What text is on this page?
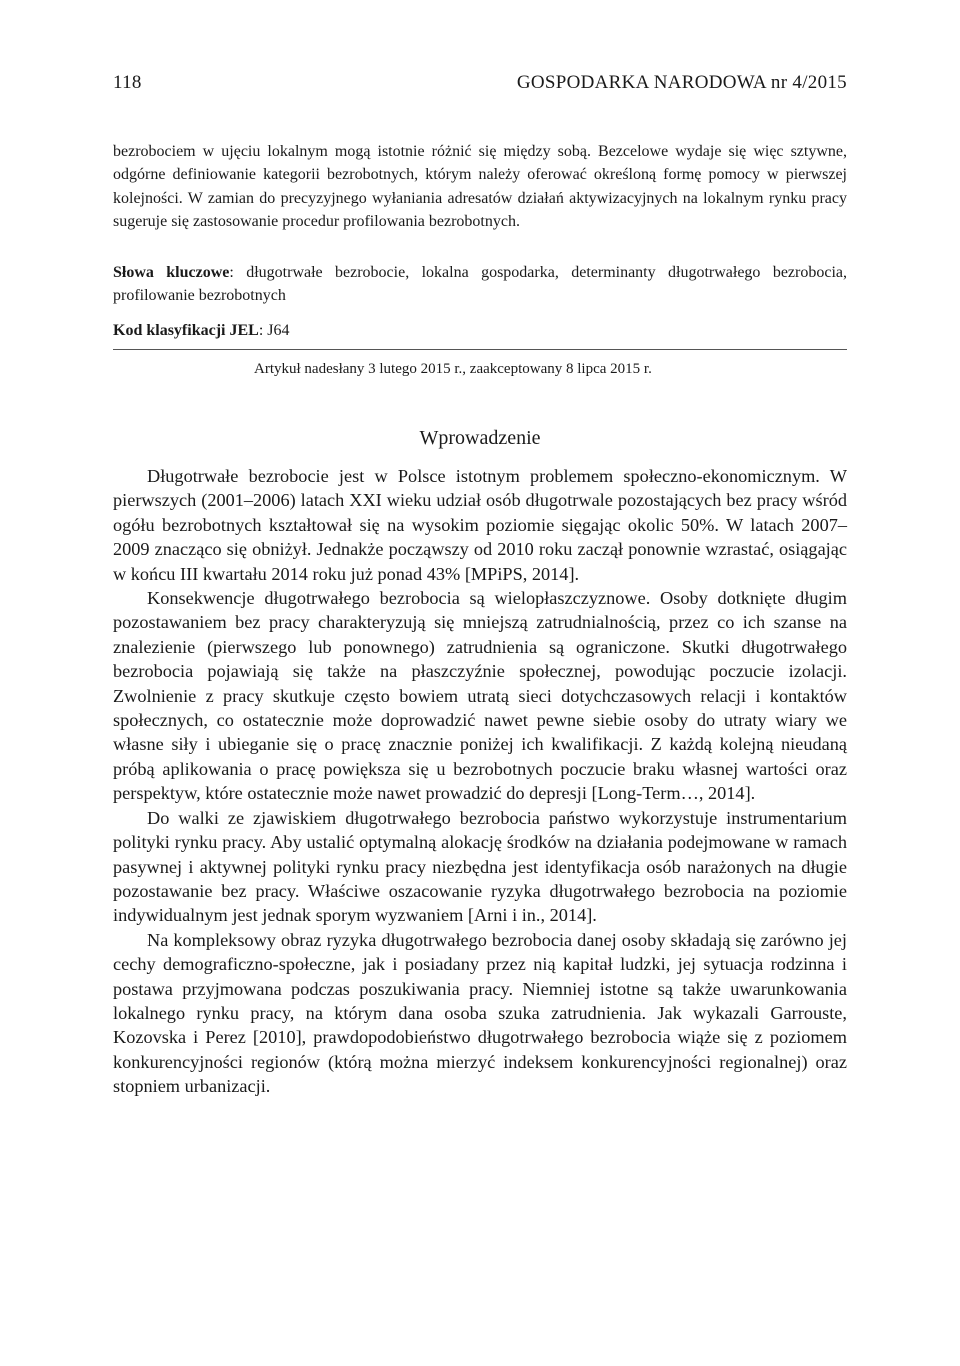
118	GOSPODARKA NARODOWA nr 4/2015

bezrobociem w ujęciu lokalnym mogą istotnie różnić się między sobą. Bezcelowe wydaje się więc sztywne, odgórne definiowanie kategorii bezrobotnych, którym należy oferować określoną formę pomocy w pierwszej kolejności. W zamian do precyzyjnego wyłaniania adresatów działań aktywizacyjnych na lokalnym rynku pracy sugeruje się zastosowanie procedur profilowania bezrobotnych.

Słowa kluczowe: długotrwałe bezrobocie, lokalna gospodarka, determinanty długotrwałego bezrobocia, profilowanie bezrobotnych

Kod klasyfikacji JEL: J64

Artykuł nadesłany 3 lutego 2015 r., zaakceptowany 8 lipca 2015 r.

Wprowadzenie

Długotrwałe bezrobocie jest w Polsce istotnym problemem społeczno-ekonomicznym. W pierwszych (2001–2006) latach XXI wieku udział osób długotrwale pozostających bez pracy wśród ogółu bezrobotnych kształtował się na wysokim poziomie sięgając okolic 50%. W latach 2007–2009 znacząco się obniżył. Jednakże począwszy od 2010 roku zaczął ponownie wzrastać, osiągając w końcu III kwartału 2014 roku już ponad 43% [MPiPS, 2014].

Konsekwencje długotrwałego bezrobocia są wielopłaszczyznowe. Osoby dotknięte długim pozostawaniem bez pracy charakteryzują się mniejszą zatrudnialnością, przez co ich szanse na znalezienie (pierwszego lub ponownego) zatrudnienia są ograniczone. Skutki długotrwałego bezrobocia pojawiają się także na płaszczyźnie społecznej, powodując poczucie izolacji. Zwolnienie z pracy skutkuje często bowiem utratą sieci dotychczasowych relacji i kontaktów społecznych, co ostatecznie może doprowadzić nawet pewne siebie osoby do utraty wiary we własne siły i ubieganie się o pracę znacznie poniżej ich kwalifikacji. Z każdą kolejną nieudaną próbą aplikowania o pracę powiększa się u bezrobotnych poczucie braku własnej wartości oraz perspektyw, które ostatecznie może nawet prowadzić do depresji [Long-Term…, 2014].

Do walki ze zjawiskiem długotrwałego bezrobocia państwo wykorzystuje instrumentarium polityki rynku pracy. Aby ustalić optymalną alokację środków na działania podejmowane w ramach pasywnej i aktywnej polityki rynku pracy niezbędna jest identyfikacja osób narażonych na długie pozostawanie bez pracy. Właściwe oszacowanie ryzyka długotrwałego bezrobocia na poziomie indywidualnym jest jednak sporym wyzwaniem [Arni i in., 2014].

Na kompleksowy obraz ryzyka długotrwałego bezrobocia danej osoby składają się zarówno jej cechy demograficzno-społeczne, jak i posiadany przez nią kapitał ludzki, jej sytuacja rodzinna i postawa przyjmowana podczas poszukiwania pracy. Niemniej istotne są także uwarunkowania lokalnego rynku pracy, na którym dana osoba szuka zatrudnienia. Jak wykazali Garrouste, Kozovska i Perez [2010], prawdopodobieństwo długotrwałego bezrobocia wiąże się z poziomem konkurencyjności regionów (którą można mierzyć indeksem konkurencyjności regionalnej) oraz stopniem urbanizacji.
